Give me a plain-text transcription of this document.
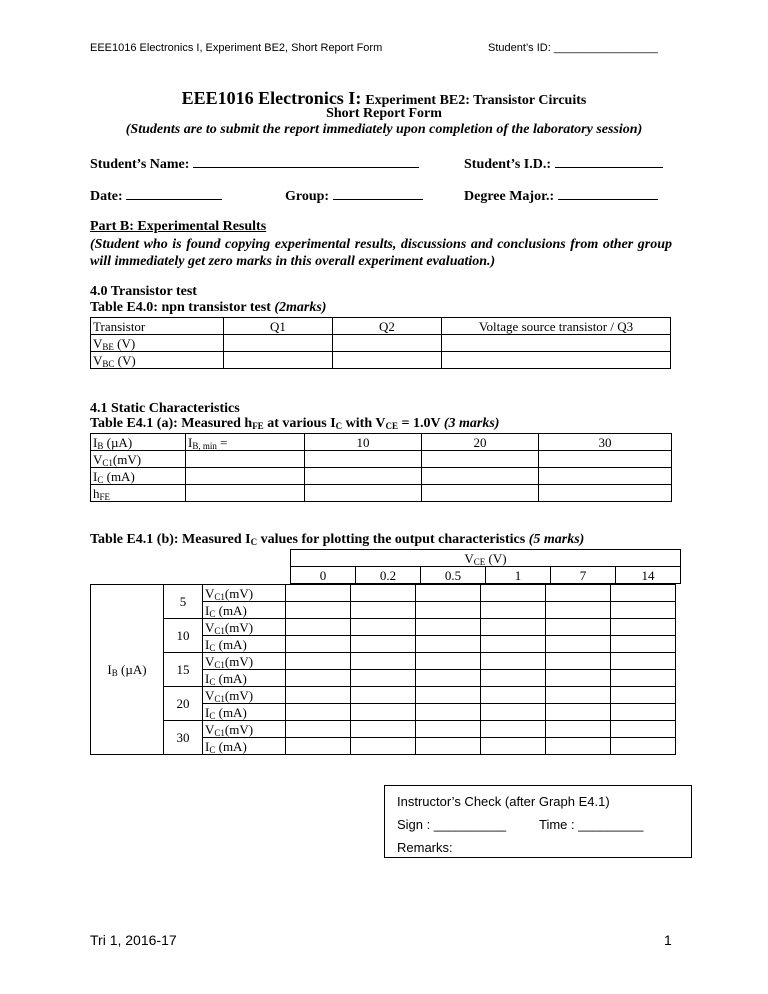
EEE1016 Electronics I, Experiment BE2, Short Report Form	Student’s ID: _________________
EEE1016 Electronics I: Experiment BE2: Transistor Circuits
Short Report Form
(Students are to submit the report immediately upon completion of the laboratory session)
Student’s Name:	Student’s I.D.:
Date:	Group:	Degree Major.:
Part B: Experimental Results
(Student who is found copying experimental results, discussions and conclusions from other group will immediately get zero marks in this overall experiment evaluation.)
4.0 Transistor test
Table E4.0: npn transistor test (2marks)
Transistor	Q1	Q2	Voltage source transistor / Q3
$V_{BE}$ (V)			
$V_{BC}$ (V)			
4.1 Static Characteristics
Table E4.1 (a): Measured $h_{FE}$ at various $I_C$ with $V_{CE} = 1.0V$ (3 marks)
$I_B$ (µA)	$I_{B, min}$ =	10	20	30
$V_{C1}(mV)$				
$I_C$ (mA)				
$h_{FE}$				
Table E4.1 (b): Measured $I_C$ values for plotting the output characteristics (5 marks)
		$V_{CE}$ (V)					
		0	0.2	0.5	1	7	14

$I_B$ (µA)	5	$V_{C1}(mV)$						
		$I_C$ (mA)						
	10	$V_{C1}(mV)$						
		$I_C$ (mA)						
	15	$V_{C1}(mV)$						
		$I_C$ (mA)						
	20	$V_{C1}(mV)$						
		$I_C$ (mA)						
	30	$V_{C1}(mV)$						
		$I_C$ (mA)						
Instructor’s Check (after Graph E4.1)
Sign : __________	Time : _________
Remarks:
Tri 1, 2016-17	1
